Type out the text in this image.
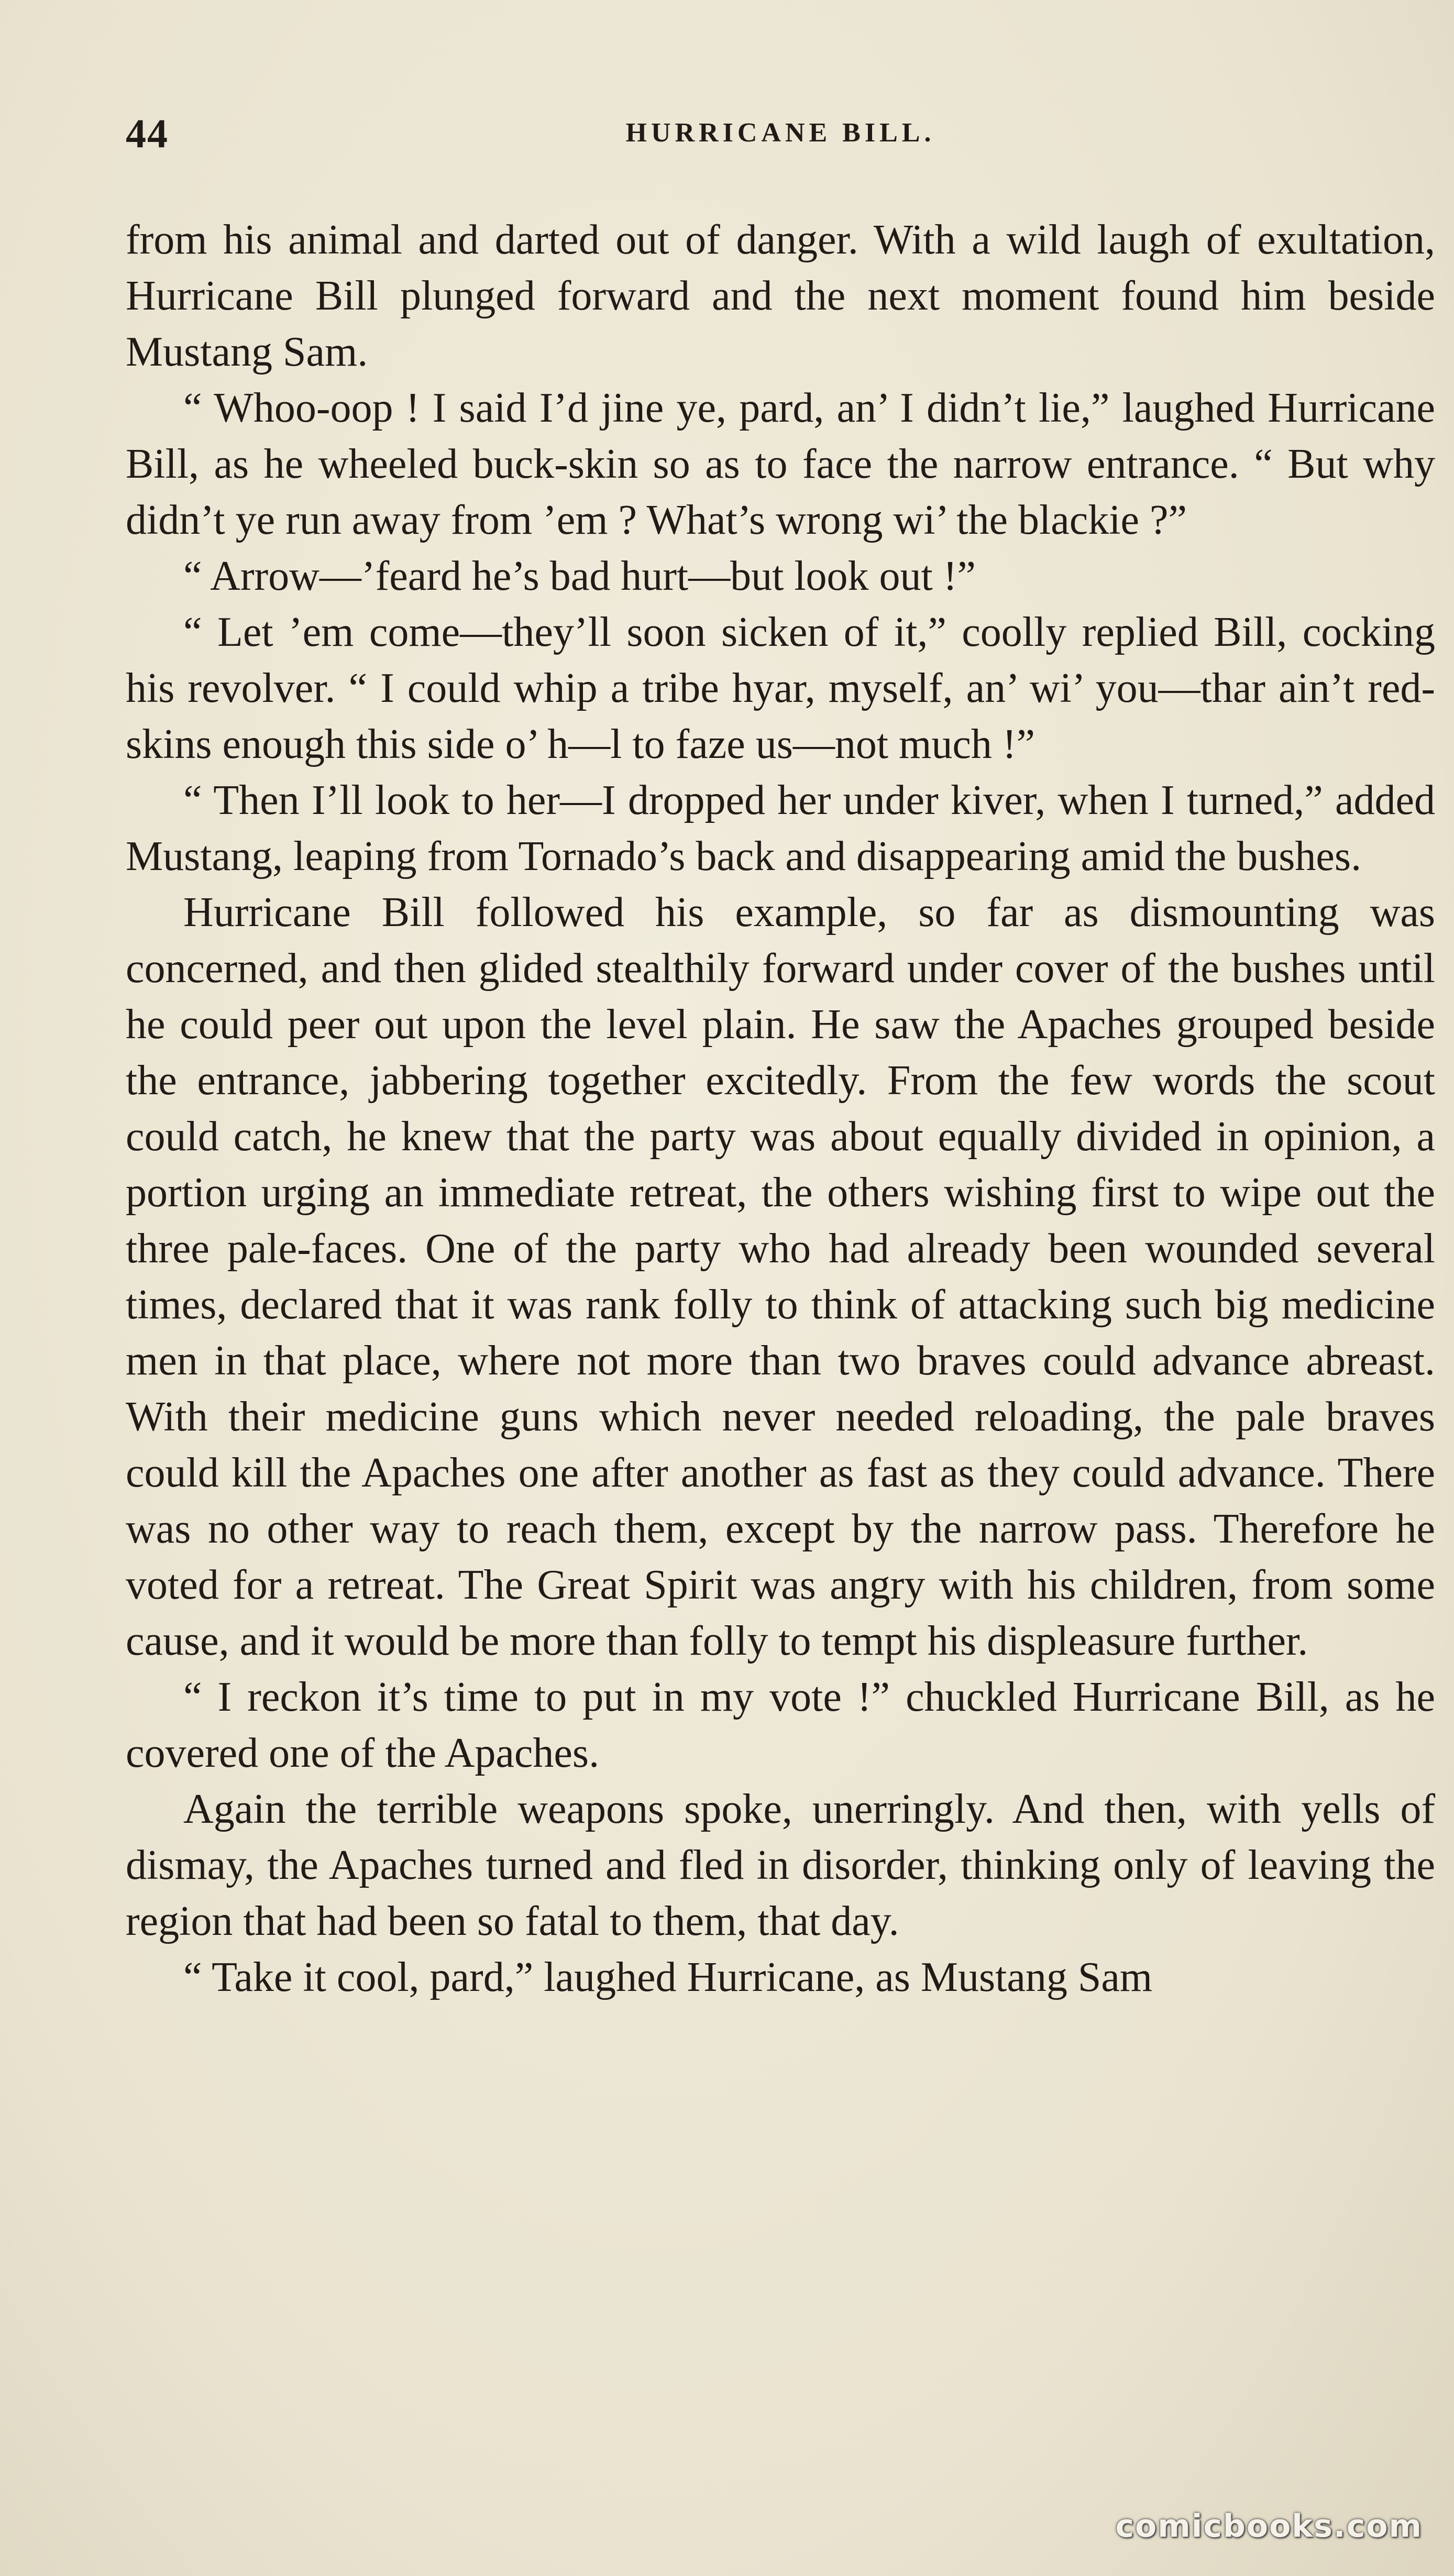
44	HURRICANE BILL.

from his animal and darted out of danger. With a wild laugh of exultation, Hurricane Bill plunged forward and the next moment found him beside Mustang Sam.

“ Whoo-oop ! I said I’d jine ye, pard, an’ I didn’t lie,” laughed Hurricane Bill, as he wheeled buck-skin so as to face the narrow entrance. “ But why didn’t ye run away from ’em ? What’s wrong wi’ the blackie ?”

“ Arrow—’feard he’s bad hurt—but look out !”

“ Let ’em come—they’ll soon sicken of it,” coolly replied Bill, cocking his revolver. “ I could whip a tribe hyar, myself, an’ wi’ you—thar ain’t red-skins enough this side o’ h—l to faze us—not much !”

“ Then I’ll look to her—I dropped her under kiver, when I turned,” added Mustang, leaping from Tornado’s back and disappearing amid the bushes.

Hurricane Bill followed his example, so far as dismounting was concerned, and then glided stealthily forward under cover of the bushes until he could peer out upon the level plain. He saw the Apaches grouped beside the entrance, jabbering together excitedly. From the few words the scout could catch, he knew that the party was about equally divided in opinion, a portion urging an immediate retreat, the others wishing first to wipe out the three pale-faces. One of the party who had already been wounded several times, declared that it was rank folly to think of attacking such big medicine men in that place, where not more than two braves could advance abreast. With their medicine guns which never needed reloading, the pale braves could kill the Apaches one after another as fast as they could advance. There was no other way to reach them, except by the narrow pass. Therefore he voted for a retreat. The Great Spirit was angry with his children, from some cause, and it would be more than folly to tempt his displeasure further.

“ I reckon it’s time to put in my vote !” chuckled Hurricane Bill, as he covered one of the Apaches.

Again the terrible weapons spoke, unerringly. And then, with yells of dismay, the Apaches turned and fled in disorder, thinking only of leaving the region that had been so fatal to them, that day.

“ Take it cool, pard,” laughed Hurricane, as Mustang Sam

comicbooks.com
